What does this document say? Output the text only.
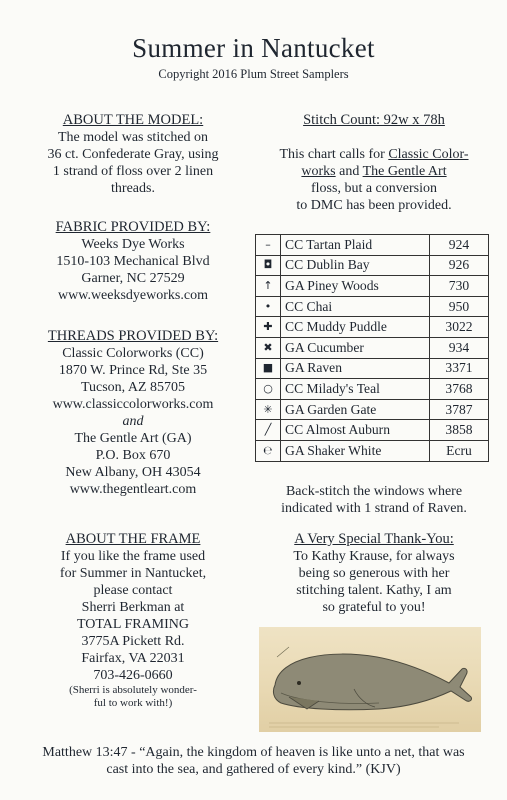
Summer in Nantucket
Copyright 2016 Plum Street Samplers
ABOUT THE MODEL:
The model was stitched on
36 ct. Confederate Gray, using
1 strand of floss over 2 linen
threads.
FABRIC PROVIDED BY:
Weeks Dye Works
1510-103 Mechanical Blvd
Garner, NC 27529
www.weeksdyeworks.com
THREADS PROVIDED BY:
Classic Colorworks (CC)
1870 W. Prince Rd, Ste 35
Tucson, AZ 85705
www.classiccolorworks.com
and
The Gentle Art (GA)
P.O. Box 670
New Albany, OH 43054
www.thegentleart.com
ABOUT THE FRAME
If you like the frame used
for Summer in Nantucket,
please contact
Sherri Berkman at
TOTAL FRAMING
3775A Pickett Rd.
Fairfax, VA 22031
703-426-0660
(Sherri is absolutely wonder-
ful to work with!)
Stitch Count: 92w x 78h
This chart calls for Classic Color-
works and The Gentle Art
floss, but a conversion
to DMC has been provided.
–	CC Tartan Plaid	924
◘	CC Dublin Bay	926
↑	GA Piney Woods	730
•	CC Chai	950
✚	CC Muddy Puddle	3022
✖	GA Cucumber	934
■	GA Raven	3371
○	CC Milady's Teal	3768
✳	GA Garden Gate	3787
╱	CC Almost Auburn	3858
℮	GA Shaker White	Ecru
Back-stitch the windows where
indicated with 1 strand of Raven.
A Very Special Thank-You:
To Kathy Krause, for always
being so generous with her
stitching talent. Kathy, I am
so grateful to you!
Matthew 13:47 - “Again, the kingdom of heaven is like unto a net, that was
cast into the sea, and gathered of every kind.” (KJV)
